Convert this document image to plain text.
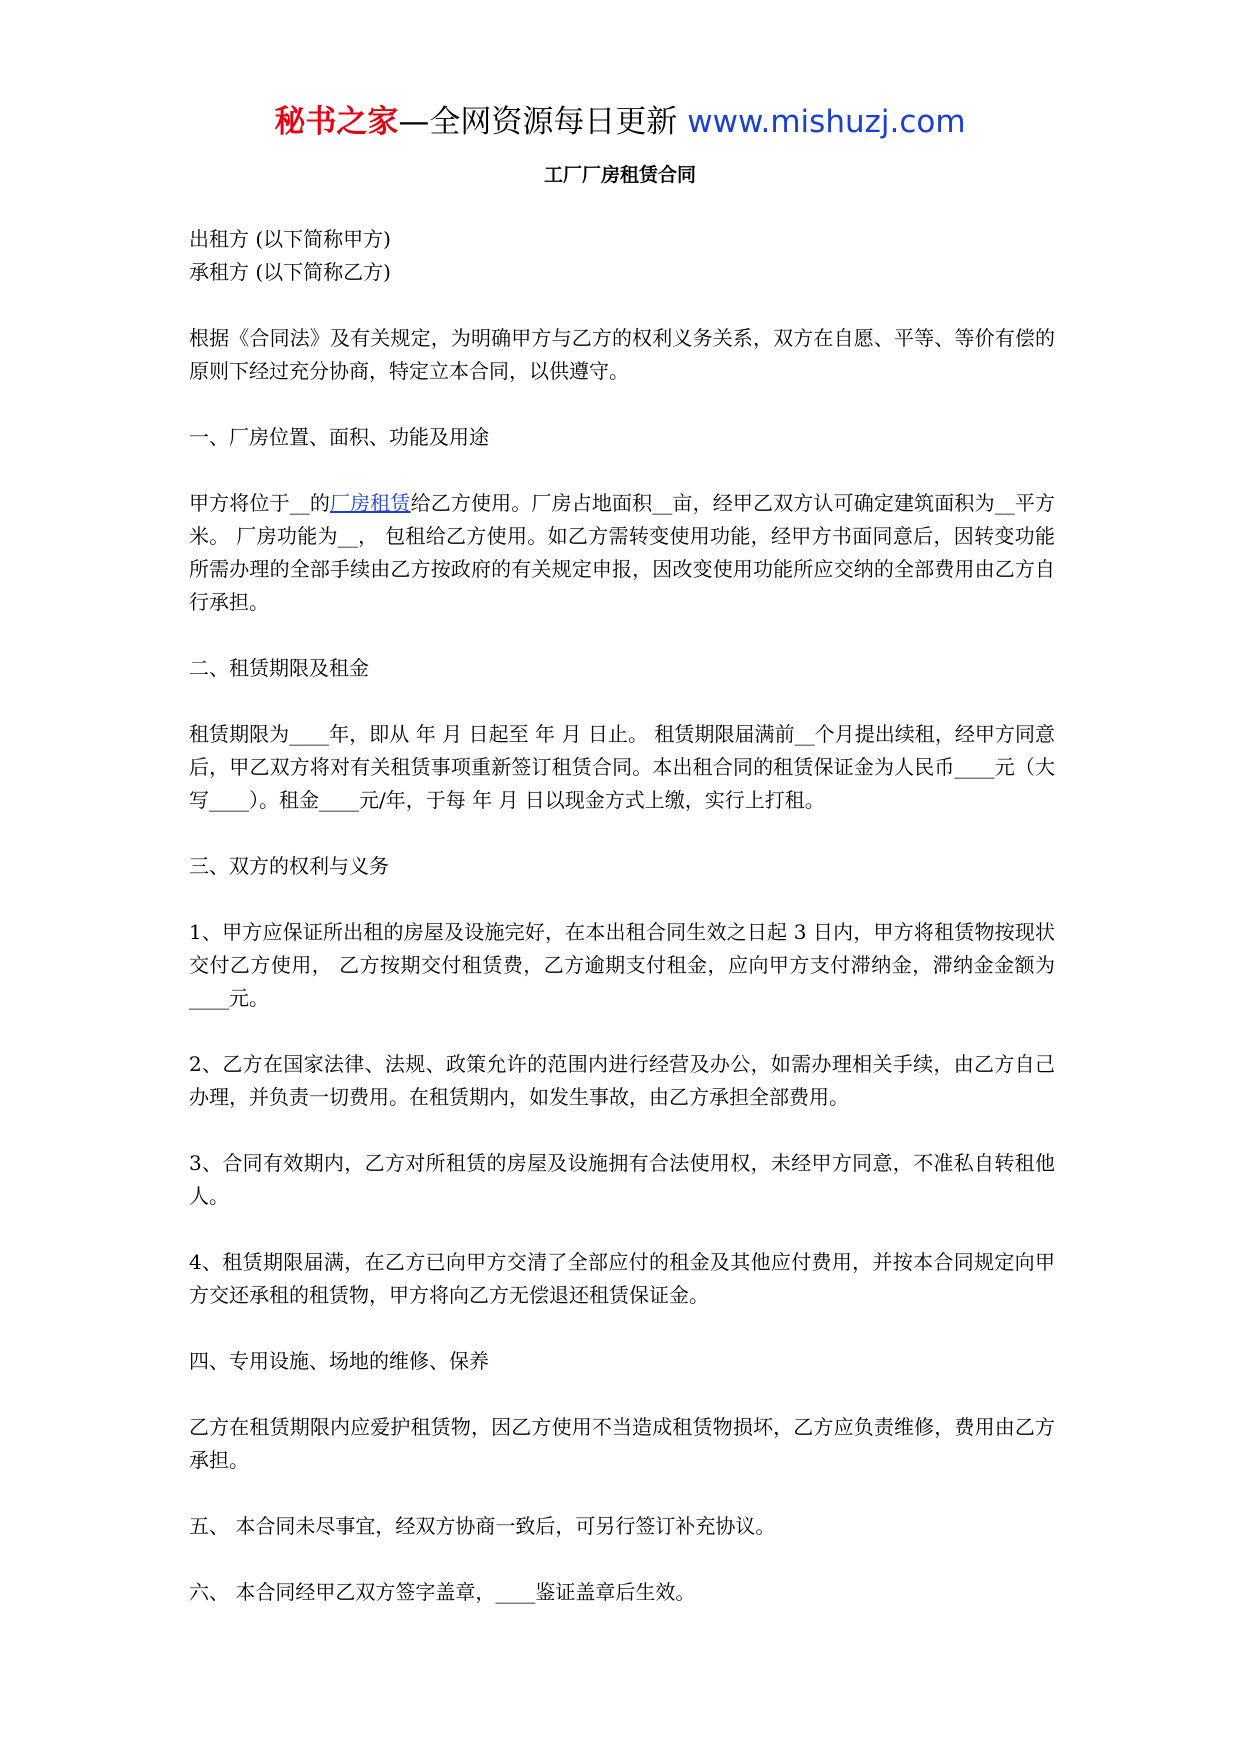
秘书之家—全网资源每日更新 www.mishuzj.com
工厂厂房租赁合同

出租方 (以下简称甲方)

承租方 (以下简称乙方)

根据《合同法》及有关规定，为明确甲方与乙方的权利义务关系，双方在自愿、平等、等价有偿的原则下经过充分协商，特定立本合同，以供遵守。

一、厂房位置、面积、功能及用途

甲方将位于__的厂房租赁给乙方使用。厂房占地面积__亩，经甲乙双方认可确定建筑面积为__平方米。 厂房功能为__， 包租给乙方使用。如乙方需转变使用功能，经甲方书面同意后，因转变功能所需办理的全部手续由乙方按政府的有关规定申报，因改变使用功能所应交纳的全部费用由乙方自行承担。

二、租赁期限及租金

租赁期限为____年，即从 年 月 日起至 年 月 日止。 租赁期限届满前__个月提出续租，经甲方同意后，甲乙双方将对有关租赁事项重新签订租赁合同。本出租合同的租赁保证金为人民币____元（大写____）。租金____元/年，于每 年 月 日以现金方式上缴，实行上打租。

三、双方的权利与义务

1、甲方应保证所出租的房屋及设施完好，在本出租合同生效之日起 3 日内，甲方将租赁物按现状交付乙方使用， 乙方按期交付租赁费，乙方逾期支付租金，应向甲方支付滞纳金，滞纳金金额为____元。

2、乙方在国家法律、法规、政策允许的范围内进行经营及办公，如需办理相关手续，由乙方自己办理，并负责一切费用。在租赁期内，如发生事故，由乙方承担全部费用。

3、合同有效期内，乙方对所租赁的房屋及设施拥有合法使用权，未经甲方同意，不准私自转租他人。

4、租赁期限届满，在乙方已向甲方交清了全部应付的租金及其他应付费用，并按本合同规定向甲方交还承租的租赁物，甲方将向乙方无偿退还租赁保证金。

四、专用设施、场地的维修、保养

乙方在租赁期限内应爱护租赁物，因乙方使用不当造成租赁物损坏，乙方应负责维修，费用由乙方承担。

五、 本合同未尽事宜，经双方协商一致后，可另行签订补充协议。

六、 本合同经甲乙双方签字盖章，____鉴证盖章后生效。
